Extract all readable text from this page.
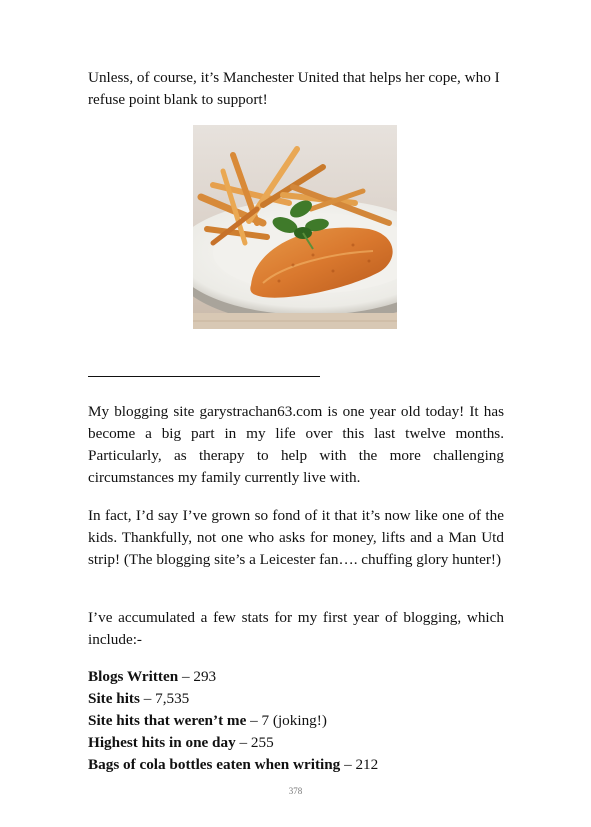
Unless, of course, it’s Manchester United that helps her cope, who I refuse point blank to support!

My blogging site garystrachan63.com is one year old today! It has become a big part in my life over this last twelve months. Particularly, as therapy to help with the more challenging circumstances my family currently live with.

In fact, I’d say I’ve grown so fond of it that it’s now like one of the kids. Thankfully, not one who asks for money, lifts and a Man Utd strip! (The blogging site’s a Leicester fan…. chuffing glory hunter!)

I’ve accumulated a few stats for my first year of blogging, which include:-

Blogs Written – 293
Site hits – 7,535
Site hits that weren’t me – 7 (joking!)
Highest hits in one day – 255
Bags of cola bottles eaten when writing – 212
378
